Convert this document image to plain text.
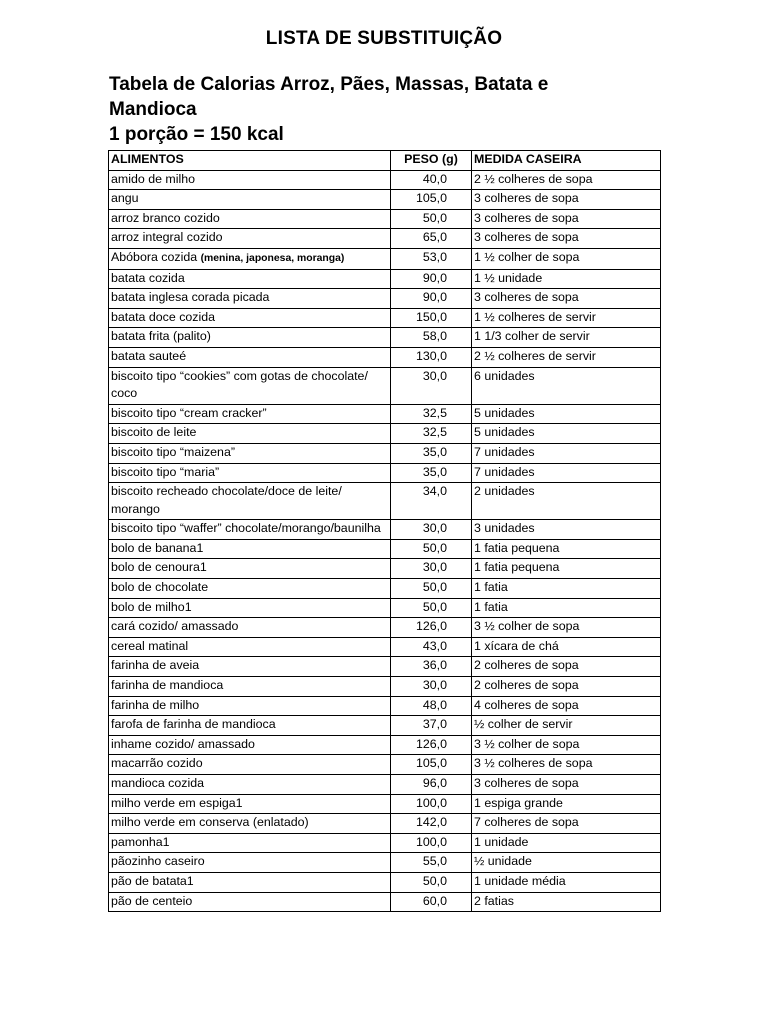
LISTA DE SUBSTITUIÇÃO
Tabela de Calorias Arroz, Pães, Massas, Batata e
Mandioca
1 porção = 150 kcal
ALIMENTOS	PESO (g)	MEDIDA CASEIRA
amido de milho	40,0	2 ½ colheres de sopa
angu	105,0	3 colheres de sopa
arroz branco cozido	50,0	3 colheres de sopa
arroz integral cozido	65,0	3 colheres de sopa
Abóbora cozida (menina, japonesa, moranga)	53,0	1 ½ colher de sopa
batata cozida	90,0	1 ½ unidade
batata inglesa corada picada	90,0	3 colheres de sopa
batata doce cozida	150,0	1 ½ colheres de servir
batata frita (palito)	58,0	1 1/3 colher de servir
batata sauteé	130,0	2 ½ colheres de servir
biscoito tipo “cookies” com gotas de chocolate/ coco	30,0	6 unidades
biscoito tipo “cream cracker”	32,5	5 unidades
biscoito de leite	32,5	5 unidades
biscoito tipo “maizena”	35,0	7 unidades
biscoito tipo “maria”	35,0	7 unidades
biscoito recheado chocolate/doce de leite/ morango	34,0	2 unidades
biscoito tipo “waffer” chocolate/morango/baunilha	30,0	3 unidades
bolo de banana1	50,0	1 fatia pequena
bolo de cenoura1	30,0	1 fatia pequena
bolo de chocolate	50,0	1 fatia
bolo de milho1	50,0	1 fatia
cará cozido/ amassado	126,0	3 ½ colher de sopa
cereal matinal	43,0	1 xícara de chá
farinha de aveia	36,0	2 colheres de sopa
farinha de mandioca	30,0	2 colheres de sopa
farinha de milho	48,0	4 colheres de sopa
farofa de farinha de mandioca	37,0	½ colher de servir
inhame cozido/ amassado	126,0	3 ½ colher de sopa
macarrão cozido	105,0	3 ½ colheres de sopa
mandioca cozida	96,0	3 colheres de sopa
milho verde em espiga1	100,0	1 espiga grande
milho verde em conserva (enlatado)	142,0	7 colheres de sopa
pamonha1	100,0	1 unidade
pãozinho caseiro	55,0	½ unidade
pão de batata1	50,0	1 unidade média
pão de centeio	60,0	2 fatias
